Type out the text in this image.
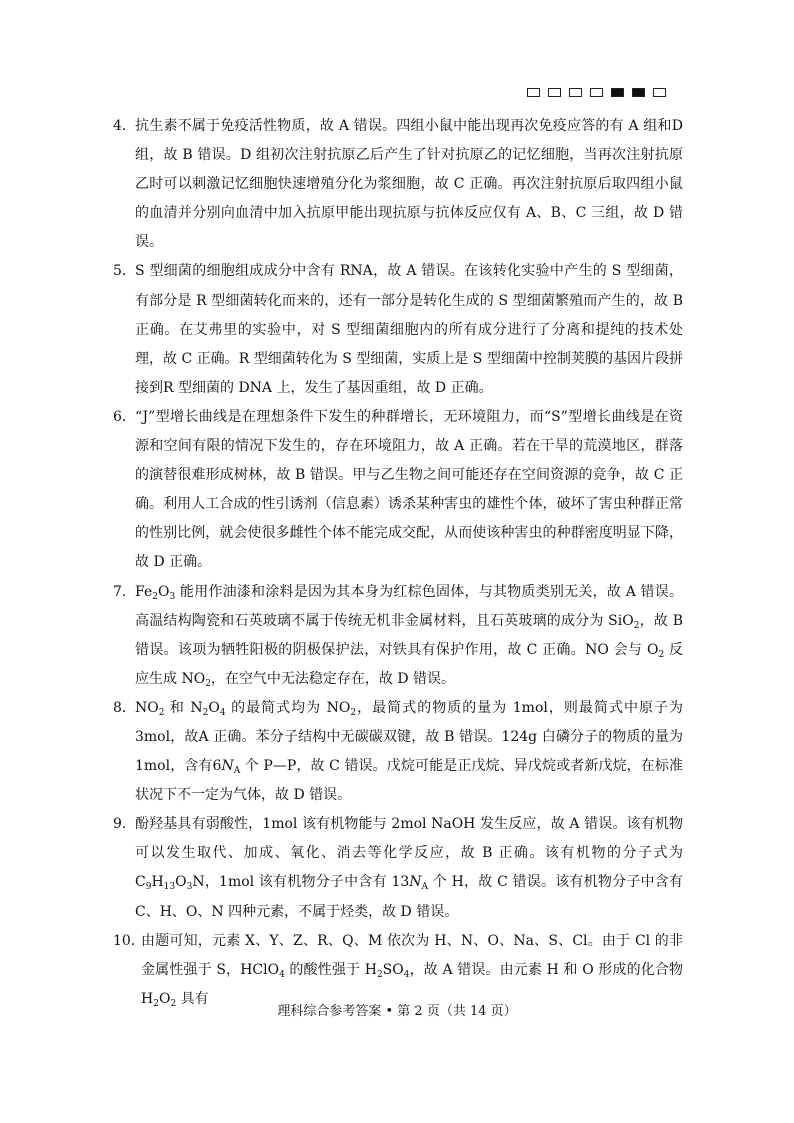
4． 抗生素不属于免疫活性物质，故 A 错误。四组小鼠中能出现再次免疫应答的有 A 组和D 组，故 B 错误。D 组初次注射抗原乙后产生了针对抗原乙的记忆细胞，当再次注射抗原乙时可以刺激记忆细胞快速增殖分化为浆细胞，故 C 正确。再次注射抗原后取四组小鼠的血清并分别向血清中加入抗原甲能出现抗原与抗体反应仅有 A、B、C 三组，故 D 错误。

5． S 型细菌的细胞组成成分中含有 RNA，故 A 错误。在该转化实验中产生的 S 型细菌，有部分是 R 型细菌转化而来的，还有一部分是转化生成的 S 型细菌繁殖而产生的，故 B 正确。在艾弗里的实验中，对 S 型细菌细胞内的所有成分进行了分离和提纯的技术处理，故 C 正确。R 型细菌转化为 S 型细菌，实质上是 S 型细菌中控制荚膜的基因片段拼接到R 型细菌的 DNA 上，发生了基因重组，故 D 正确。

6． “J”型增长曲线是在理想条件下发生的种群增长，无环境阻力，而“S”型增长曲线是在资源和空间有限的情况下发生的，存在环境阻力，故 A 正确。若在干旱的荒漠地区，群落的演替很难形成树林，故 B 错误。甲与乙生物之间可能还存在空间资源的竞争，故 C 正确。利用人工合成的性引诱剂（信息素）诱杀某种害虫的雄性个体，破坏了害虫种群正常的性别比例，就会使很多雌性个体不能完成交配，从而使该种害虫的种群密度明显下降，故 D 正确。

7． $Fe_2O_3$ 能用作油漆和涂料是因为其本身为红棕色固体，与其物质类别无关，故 A 错误。高温结构陶瓷和石英玻璃不属于传统无机非金属材料，且石英玻璃的成分为 SiO$_2$，故 B 错误。该项为牺牲阳极的阴极保护法，对铁具有保护作用，故 C 正确。NO 会与 $O_2$ 反应生成 $NO_2$，在空气中无法稳定存在，故 D 错误。

8． $NO_2$ 和 $N_2O_4$ 的最简式均为 $NO_2$，最简式的物质的量为 1mol，则最简式中原子为 3mol，故A 正确。苯分子结构中无碳碳双键，故 B 错误。124g 白磷分子的物质的量为 1mol，含有$6N_A$ 个 P—P，故 C 错误。戊烷可能是正戊烷、异戊烷或者新戊烷，在标准状况下不一定为气体，故 D 错误。

9． 酚羟基具有弱酸性，1mol 该有机物能与 2mol NaOH 发生反应，故 A 错误。该有机物可以发生取代、加成、氧化、消去等化学反应，故 B 正确。该有机物的分子式为 $C_9H_{13}O_3N$，1mol 该有机物分子中含有 $13N_A$ 个 H，故 C 错误。该有机物分子中含有 C、H、O、N 四种元素，不属于烃类，故 D 错误。

10．

由题可知，元素 X、Y、Z、R、Q、M 依次为 H、N、O、Na、S、Cl。由于 Cl 的非金属性强于 S，HClO$_4$ 的酸性强于 $H_2SO_4$，故 A 错误。由元素 H 和 O 形成的化合物 $H_2O_2$ 具有

理科综合参考答案 • 第 2 页（共 14 页）
